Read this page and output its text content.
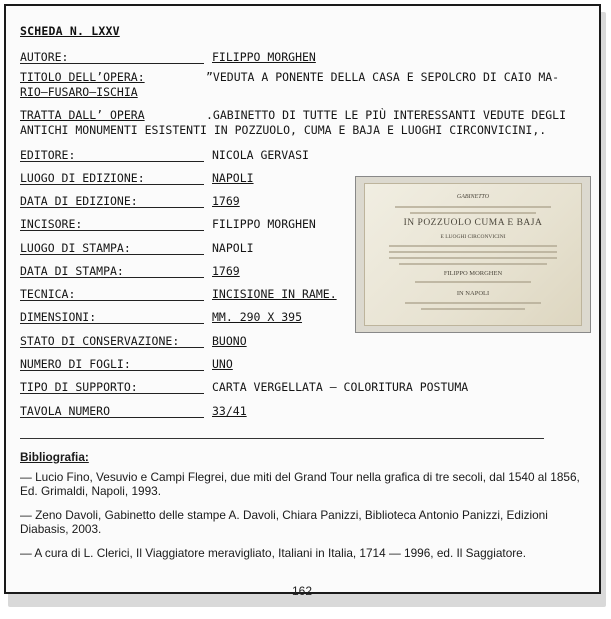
SCHEDA N. LXXV
AUTORE:	FILIPPO MORGHEN
TITOLO DELL’OPERA:	”VEDUTA A PONENTE DELLA CASA E SEPOLCRO DI CAIO MA-
RIO—FUSARO—ISCHIA
TRATTA DALL’ OPERA	.GABINETTO DI TUTTE LE PIÙ INTERESSANTI VEDUTE DEGLI
ANTICHI MONUMENTI ESISTENTI IN POZZUOLO, CUMA E BAJA E LUOGHI CIRCONVICINI,.
EDITORE:	NICOLA GERVASI
LUOGO DI EDIZIONE:	NAPOLI
DATA DI EDIZIONE:	1769
INCISORE:	FILIPPO MORGHEN
LUOGO DI STAMPA:	NAPOLI
DATA DI STAMPA:	1769
TECNICA:	INCISIONE IN RAME.
DIMENSIONI:	MM. 290 X 395
STATO DI CONSERVAZIONE:	BUONO
NUMERO DI FOGLI:	UNO
TIPO DI SUPPORTO:	CARTA VERGELLATA — COLORITURA POSTUMA
TAVOLA NUMERO	33/41
GABINETTO
IN POZZUOLO CUMA E BAJA
E LUOGHI CIRCONVICINI
FILIPPO MORGHEN
IN NAPOLI
Bibliografia:

— Lucio Fino, Vesuvio e Campi Flegrei, due miti del Grand Tour nella grafica di tre secoli, dal 1540 al 1856, Ed. Grimaldi, Napoli, 1993.

— Zeno Davoli, Gabinetto delle stampe A. Davoli, Chiara Panizzi, Biblioteca Antonio Panizzi, Edizioni Diabasis, 2003.

— A cura di L. Clerici, Il Viaggiatore meravigliato, Italiani in Italia, 1714 — 1996, ed. Il Saggiatore.

162
